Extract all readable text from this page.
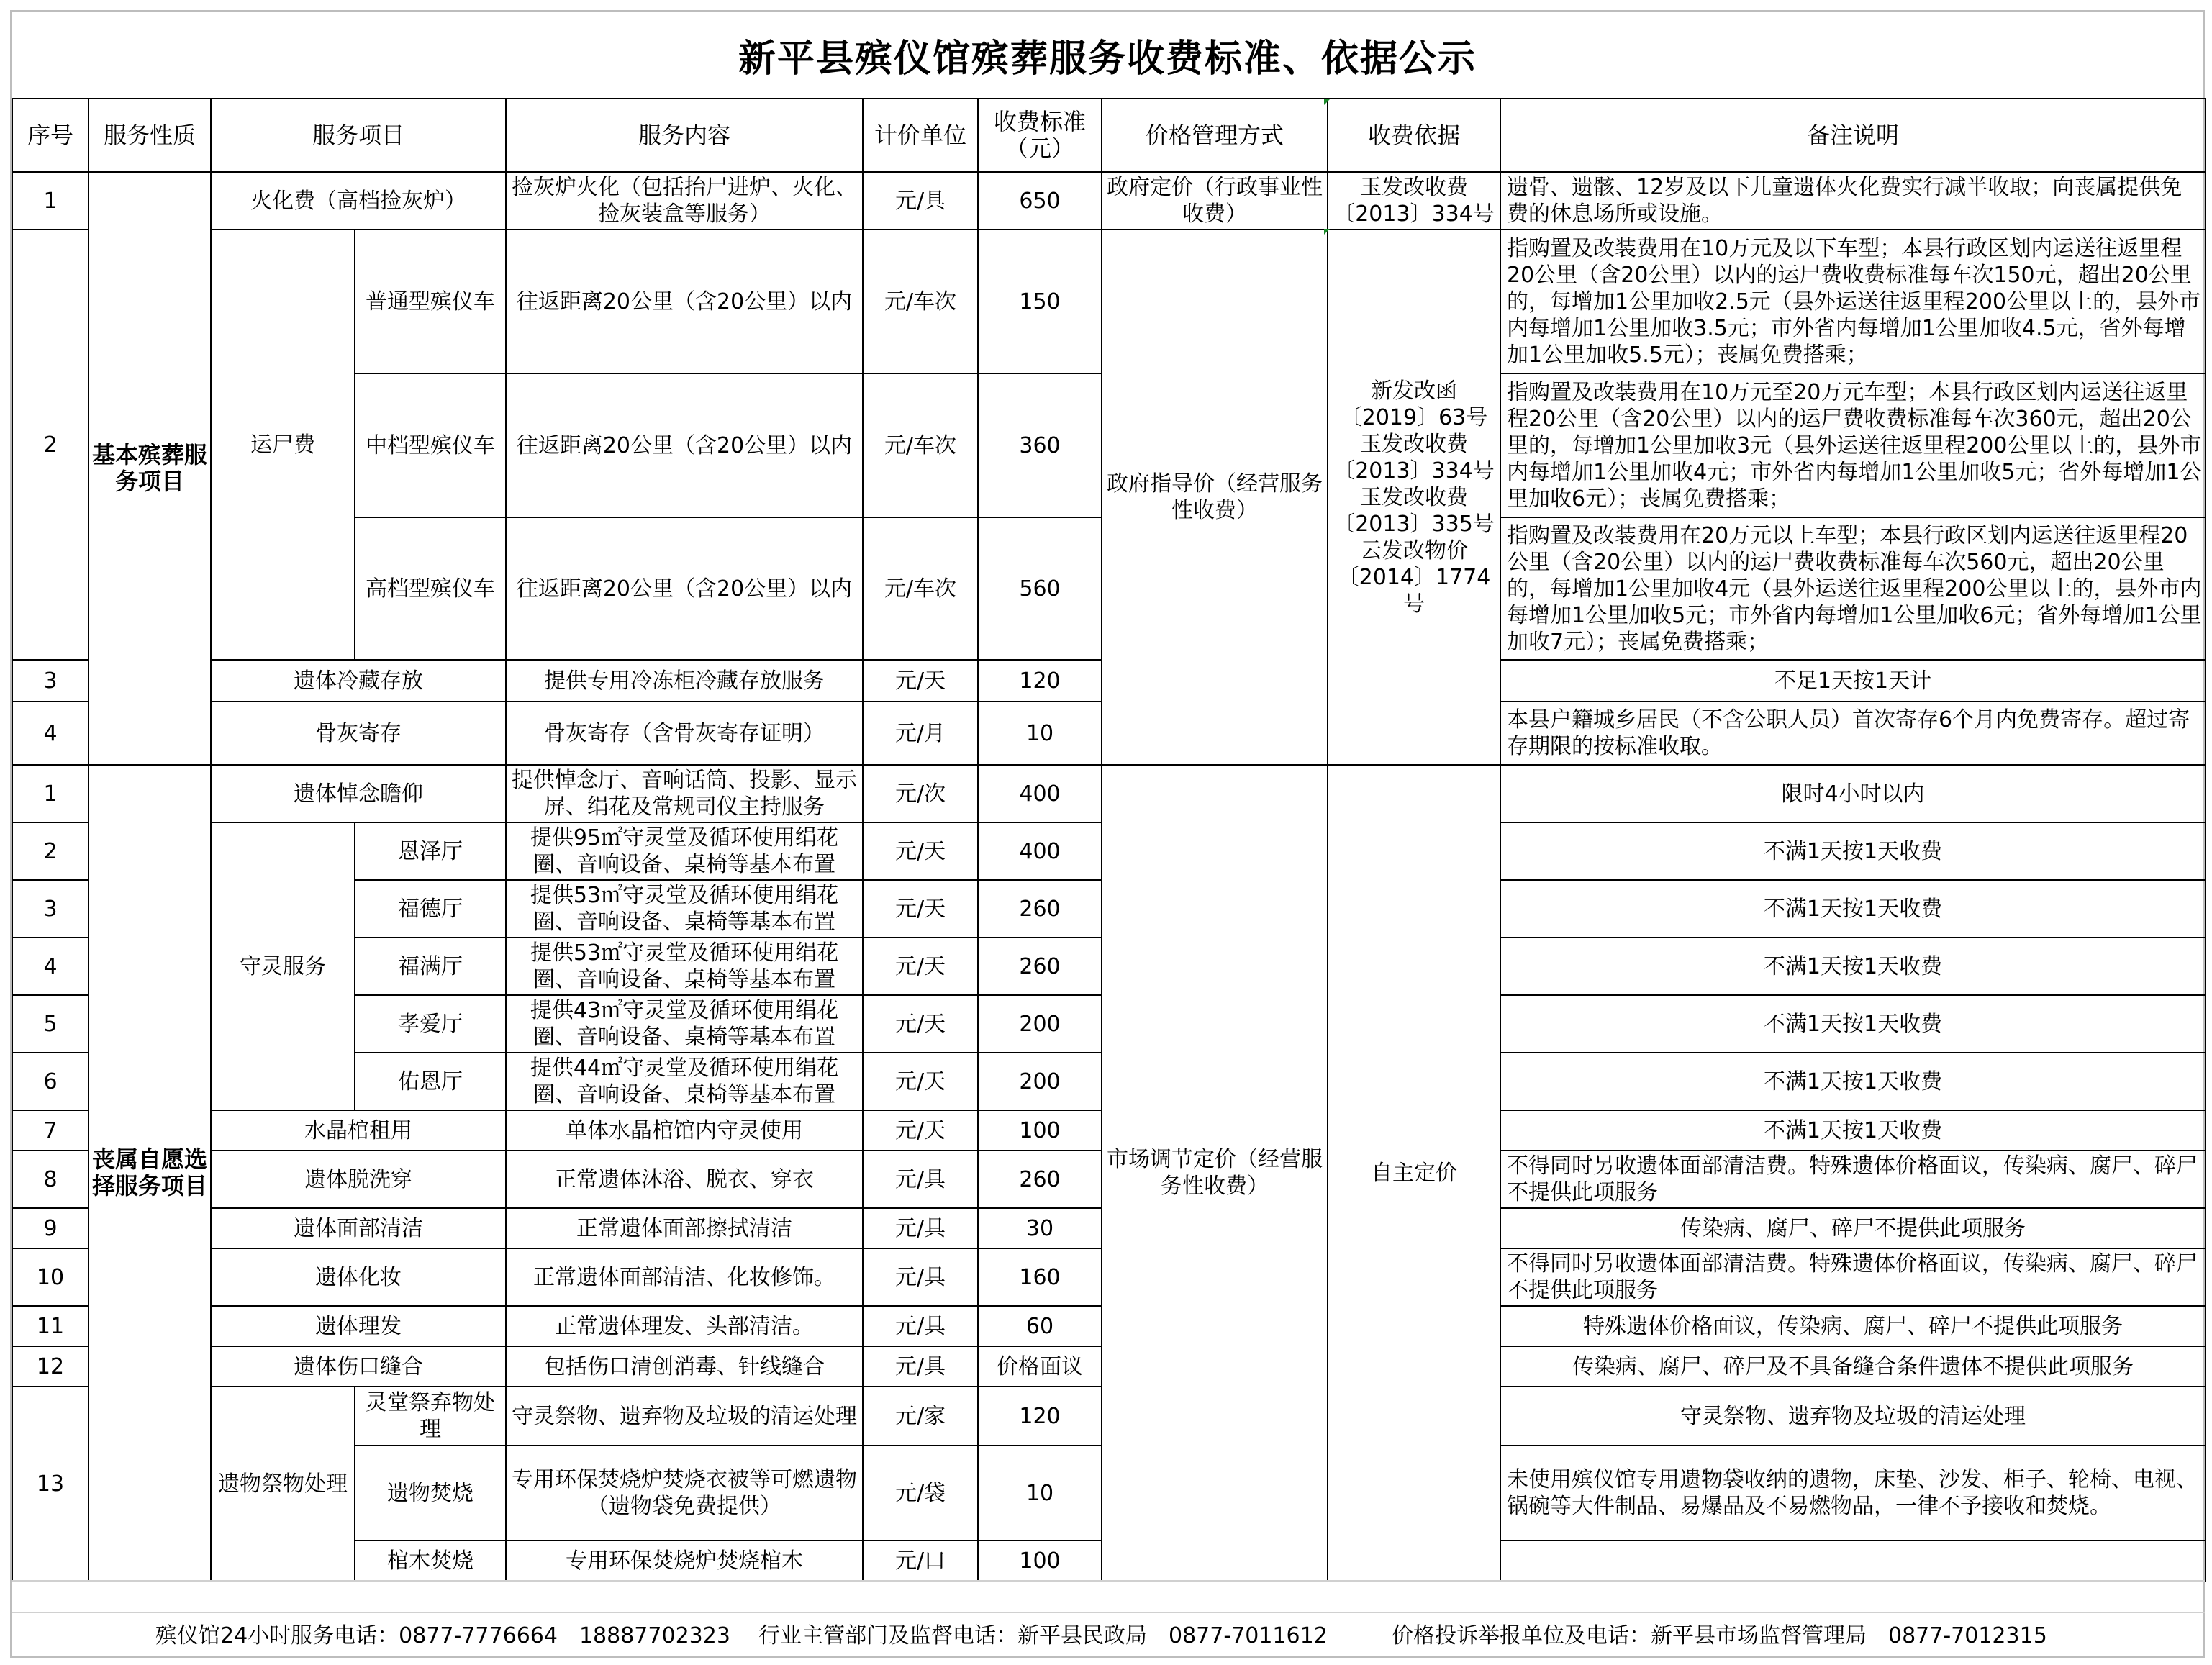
新平县殡仪馆殡葬服务收费标准、依据公示
序号	服务性质	服务项目		服务内容	计价单位	收费标准（元）	价格管理方式	收费依据	备注说明
1	基本殡葬服务项目	火化费（高档捡灰炉）		捡灰炉火化（包括抬尸进炉、火化、捡灰装盒等服务）	元/具	650	政府定价（行政事业性收费）	玉发改收费〔2013〕334号	遗骨、遗骸、12岁及以下儿童遗体火化费实行减半收取；向丧属提供免费的休息场所或设施。
2		运尸费	普通型殡仪车	往返距离20公里（含20公里）以内	元/车次	150	政府指导价（经营服务性收费）	新发改函〔2019〕63号玉发改收费〔2013〕334号玉发改收费〔2013〕335号云发改物价〔2014〕1774号	指购置及改装费用在10万元及以下车型；本县行政区划内运送往返里程20公里（含20公里）以内的运尸费收费标准每车次150元，超出20公里的，每增加1公里加收2.5元（县外运送往返里程200公里以上的，县外市内每增加1公里加收3.5元；市外省内每增加1公里加收4.5元，省外每增加1公里加收5.5元）；丧属免费搭乘；
			中档型殡仪车	往返距离20公里（含20公里）以内	元/车次	360			指购置及改装费用在10万元至20万元车型；本县行政区划内运送往返里程20公里（含20公里）以内的运尸费收费标准每车次360元，超出20公里的，每增加1公里加收3元（县外运送往返里程200公里以上的，县外市内每增加1公里加收4元；市外省内每增加1公里加收5元；省外每增加1公里加收6元）；丧属免费搭乘；
			高档型殡仪车	往返距离20公里（含20公里）以内	元/车次	560			指购置及改装费用在20万元以上车型；本县行政区划内运送往返里程20公里（含20公里）以内的运尸费收费标准每车次560元，超出20公里的，每增加1公里加收4元（县外运送往返里程200公里以上的，县外市内每增加1公里加收5元；市外省内每增加1公里加收6元；省外每增加1公里加收7元）；丧属免费搭乘；
3		遗体冷藏存放		提供专用冷冻柜冷藏存放服务	元/天	120			不足1天按1天计
4		骨灰寄存		骨灰寄存（含骨灰寄存证明）	元/月	10			本县户籍城乡居民（不含公职人员）首次寄存6个月内免费寄存。超过寄存期限的按标准收取。
1	丧属自愿选择服务项目	遗体悼念瞻仰		提供悼念厅、音响话筒、投影、显示屏、绢花及常规司仪主持服务	元/次	400	市场调节定价（经营服务性收费）	自主定价	限时4小时以内
2		守灵服务	恩泽厅	提供95㎡守灵堂及循环使用绢花圈、音响设备、桌椅等基本布置	元/天	400			不满1天按1天收费
3			福德厅	提供53㎡守灵堂及循环使用绢花圈、音响设备、桌椅等基本布置	元/天	260			不满1天按1天收费
4			福满厅	提供53㎡守灵堂及循环使用绢花圈、音响设备、桌椅等基本布置	元/天	260			不满1天按1天收费
5			孝爱厅	提供43㎡守灵堂及循环使用绢花圈、音响设备、桌椅等基本布置	元/天	200			不满1天按1天收费
6			佑恩厅	提供44㎡守灵堂及循环使用绢花圈、音响设备、桌椅等基本布置	元/天	200			不满1天按1天收费
7		水晶棺租用		单体水晶棺馆内守灵使用	元/天	100			不满1天按1天收费
8		遗体脱洗穿		正常遗体沐浴、脱衣、穿衣	元/具	260			不得同时另收遗体面部清洁费。特殊遗体价格面议，传染病、腐尸、碎尸不提供此项服务
9		遗体面部清洁		正常遗体面部擦拭清洁	元/具	30			传染病、腐尸、碎尸不提供此项服务
10		遗体化妆		正常遗体面部清洁、化妆修饰。	元/具	160			不得同时另收遗体面部清洁费。特殊遗体价格面议，传染病、腐尸、碎尸不提供此项服务
11		遗体理发		正常遗体理发、头部清洁。	元/具	60			特殊遗体价格面议，传染病、腐尸、碎尸不提供此项服务
12		遗体伤口缝合		包括伤口清创消毒、针线缝合	元/具	价格面议			传染病、腐尸、碎尸及不具备缝合条件遗体不提供此项服务
13		遗物祭物处理	灵堂祭弃物处理	守灵祭物、遗弃物及垃圾的清运处理	元/家	120			守灵祭物、遗弃物及垃圾的清运处理
			遗物焚烧	专用环保焚烧炉焚烧衣被等可燃遗物（遗物袋免费提供）	元/袋	10			未使用殡仪馆专用遗物袋收纳的遗物，床垫、沙发、柜子、轮椅、电视、锅碗等大件制品、易爆品及不易燃物品，一律不予接收和焚烧。
			棺木焚烧	专用环保焚烧炉焚烧棺木	元/口	100			
殡仪馆24小时服务电话：0877-7776664　18887702323 行业主管部门及监督电话：新平县民政局　0877-7011612	价格投诉举报单位及电话：新平县市场监督管理局　0877-7012315
